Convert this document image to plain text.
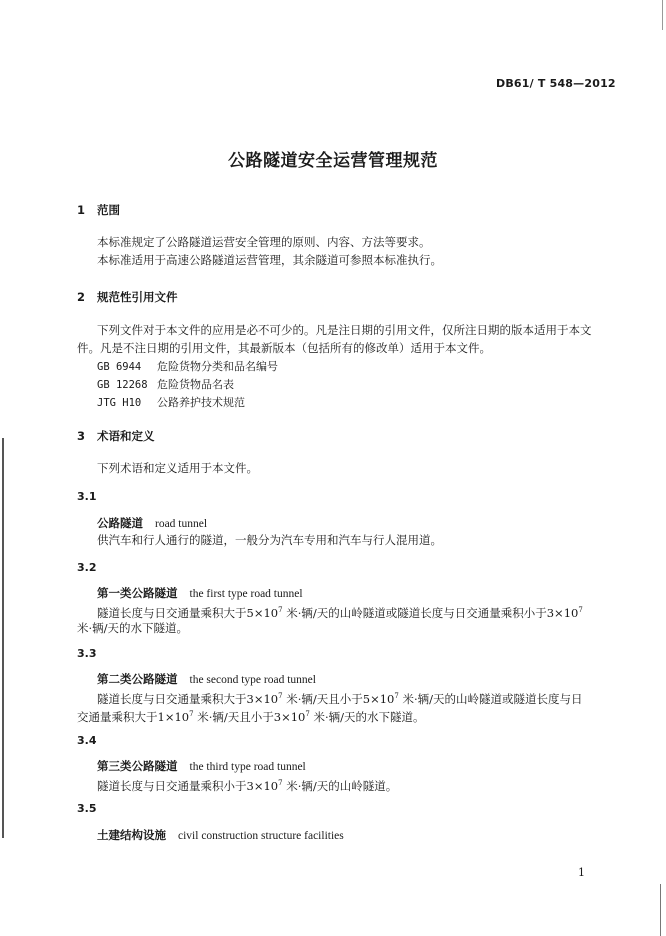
DB61/ T 548—2012
公路隧道安全运营管理规范
1 范围
本标准规定了公路隧道运营安全管理的原则、内容、方法等要求。
本标准适用于高速公路隧道运营管理，其余隧道可参照本标准执行。
2 规范性引用文件
下列文件对于本文件的应用是必不可少的。凡是注日期的引用文件，仅所注日期的版本适用于本文
件。凡是不注日期的引用文件，其最新版本（包括所有的修改单）适用于本文件。
GB 6944 危险货物分类和品名编号
GB 12268 危险货物品名表
JTG H10 公路养护技术规范
3 术语和定义
下列术语和定义适用于本文件。
3.1
公路隧道 road tunnel
供汽车和行人通行的隧道，一般分为汽车专用和汽车与行人混用道。
3.2
第一类公路隧道 the first type road tunnel
隧道长度与日交通量乘积大于$5\times 10^7$ 米·辆/天的山岭隧道或隧道长度与日交通量乘积小于$3\times 10^7$
米·辆/天的水下隧道。
3.3
第二类公路隧道 the second type road tunnel
隧道长度与日交通量乘积大于$3\times 10^7$ 米·辆/天且小于$5\times 10^7$ 米·辆/天的山岭隧道或隧道长度与日
交通量乘积大于$1\times 10^7$ 米·辆/天且小于$3\times 10^7$ 米·辆/天的水下隧道。
3.4
第三类公路隧道 the third type road tunnel
隧道长度与日交通量乘积小于$3\times 10^7$ 米·辆/天的山岭隧道。
3.5
土建结构设施 civil construction structure facilities
1
